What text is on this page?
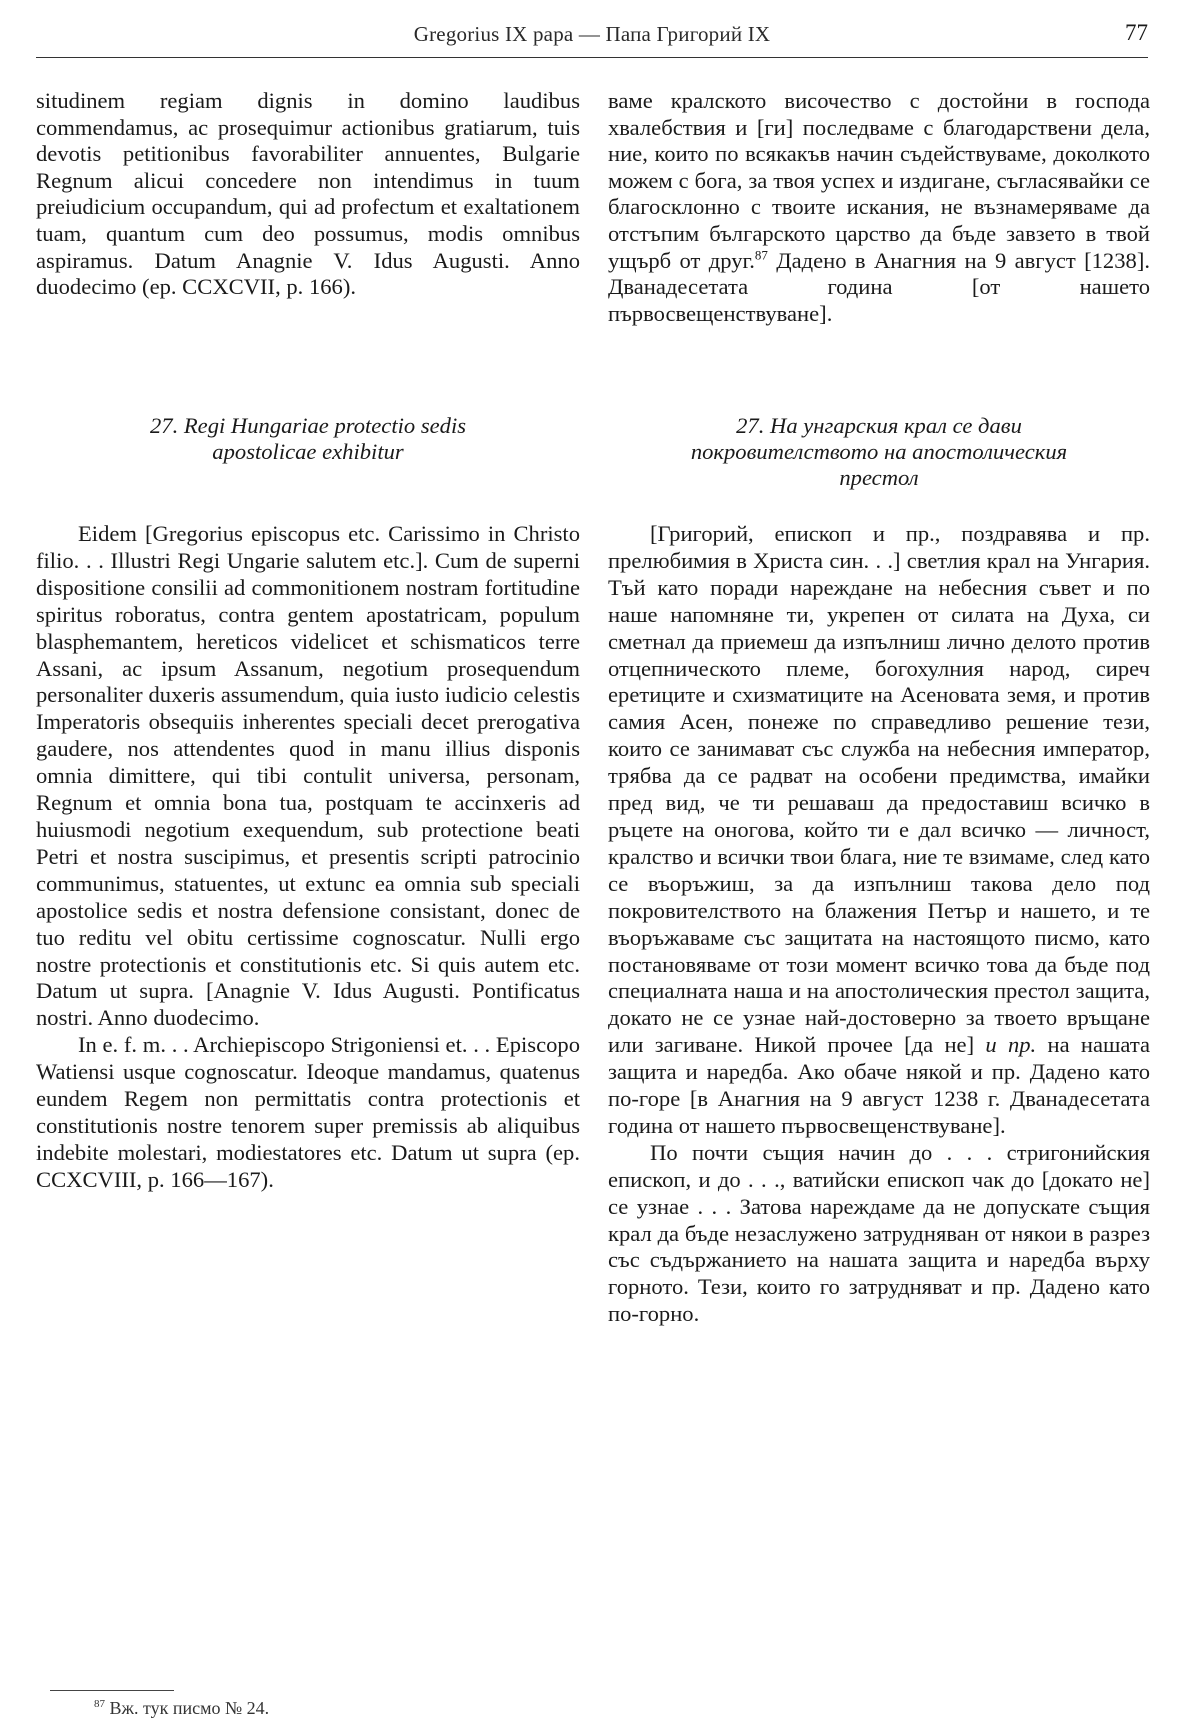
Gregorius IX papa — Папа Григорий IX	77

situdinem regiam dignis in domino laudibus commendamus, ac prosequimur actionibus gratiarum, tuis devotis petitionibus favorabiliter annuentes, Bulgarie Regnum alicui concedere non intendimus in tuum preiudicium occupandum, qui ad profectum et exaltationem tuam, quantum cum deo possumus, modis omnibus aspiramus. Datum Anagnie V. Idus Augusti. Anno duodecimo (ep. CCXCVII, p. 166).

ваме кралското височество с достойни в господа хвалебствия и [ги] последваме с благодарствени дела, ние, които по всякакъв начин съдействуваме, доколкото можем с бога, за твоя успех и издигане, съгласявайки се благосклонно с твоите искания, не възнамеряваме да отстъпим българското царство да бъде завзето в твой ущърб от друг.$^{87}$ Дадено в Анагния на 9 август [1238]. Дванадесетата година [от нашето първосвещенствуване].

27. Regi Hungariae protectio sedis
apostolicae exhibitur
27. На унгарския крал се дави
покровителството на апостолическия
престол

Eidem [Gregorius episcopus etc. Carissimo in Christo filio. . . Illustri Regi Ungarie salutem etc.]. Cum de superni dispositione consilii ad commonitionem nostram fortitudine spiritus roboratus, contra gentem apostatricam, populum blasphemantem, hereticos videlicet et schismaticos terre Assani, ac ipsum Assanum, negotium prosequendum personaliter duxeris assumendum, quia iusto iudicio celestis Imperatoris obsequiis inherentes speciali decet prerogativa gaudere, nos attendentes quod in manu illius disponis omnia dimittere, qui tibi contulit universa, personam, Regnum et omnia bona tua, postquam te accinxeris ad huiusmodi negotium exequendum, sub protectione beati Petri et nostra suscipimus, et presentis scripti patrocinio communimus, statuentes, ut extunc ea omnia sub speciali apostolice sedis et nostra defensione consistant, donec de tuo reditu vel obitu certissime cognoscatur. Nulli ergo nostre protectionis et constitutionis etc. Si quis autem etc. Datum ut supra. [Anagnie V. Idus Augusti. Pontificatus nostri. Anno duodecimo.

In e. f. m. . . Archiepiscopo Strigoniensi et. . . Episcopo Watiensi usque cognoscatur. Ideoque mandamus, quatenus eundem Regem non permittatis contra protectionis et constitutionis nostre tenorem super premissis ab aliquibus indebite molestari, modiestatores etc. Datum ut supra (ep. CCXCVIII, p. 166—167).

[Григорий, епископ и пр., поздравява и пр. прелюбимия в Христа син. . .] светлия крал на Унгария. Тъй като поради нареждане на небесния съвет и по наше напомняне ти, укрепен от силата на Духа, си сметнал да приемеш да изпълниш лично делото против отцепническото племе, богохулния народ, сиреч еретиците и схизматиците на Асеновата земя, и против самия Асен, понеже по справедливо решение тези, които се занимават със служба на небесния император, трябва да се радват на особени предимства, имайки пред вид, че ти решаваш да предоставиш всичко в ръцете на оногова, който ти е дал всичко — личност, кралство и всички твои блага, ние те взимаме, след като се въоръжиш, за да изпълниш такова дело под покровителството на блажения Петър и нашето, и те въоръжаваме със защитата на настоящото писмо, като постановяваме от този момент всичко това да бъде под специалната наша и на апостолическия престол защита, докато не се узнае най-достоверно за твоето връщане или загиване. Никой прочее [да не] и пр. на нашата защита и наредба. Ако обаче някой и пр. Дадено като по-горе [в Анагния на 9 август 1238 г. Дванадесетата година от нашето първосвещенствуване].

По почти същия начин до . . . стригонийския епископ, и до . . ., ватийски епископ чак до [докато не] се узнае . . . Затова нареждаме да не допускате същия крал да бъде незаслужено затрудняван от някои в разрез със съдържанието на нашата защита и наредба върху горното. Тези, които го затрудняват и пр. Дадено като по-горно.

$^{87}$ Вж. тук писмо № 24.
